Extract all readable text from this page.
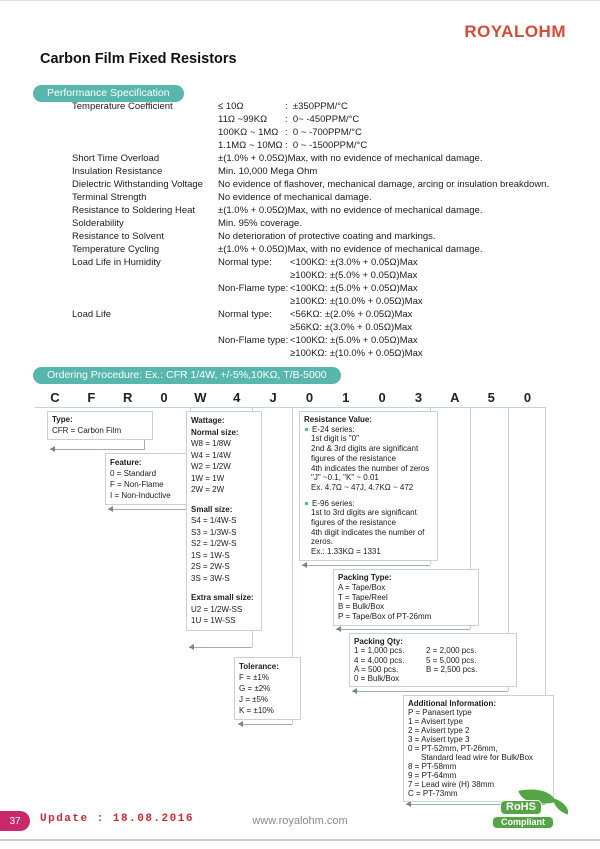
ROYALOHM
Carbon Film Fixed Resistors
Performance Specification
Temperature Coefficient	≤ 10Ω	:  ±350PPM/°C
11Ω ~99KΩ :  0~ -450PPM/°C
100KΩ ~ 1MΩ :  0 ~ -700PPM/°C
1.1MΩ ~ 10MΩ :  0 ~ -1500PPM/°C
Short Time Overload	±(1.0% + 0.05Ω)Max, with no evidence of mechanical damage.
Insulation Resistance	Min. 10,000 Mega Ohm
Dielectric Withstanding Voltage	No evidence of flashover, mechanical damage, arcing or insulation breakdown.
Terminal Strength	No evidence of mechanical damage.
Resistance to Soldering Heat	±(1.0% + 0.05Ω)Max, with no evidence of mechanical damage.
Solderability	Min. 95% coverage.
Resistance to Solvent	No deterioration of protective coating and markings.
Temperature Cycling	±(1.0% + 0.05Ω)Max, with no evidence of mechanical damage.
Load Life in Humidity	Normal type: <100KΩ: ±(3.0% + 0.05Ω)Max
≥100KΩ: ±(5.0% + 0.05Ω)Max
Non-Flame type: <100KΩ: ±(5.0% + 0.05Ω)Max
≥100KΩ: ±(10.0% + 0.05Ω)Max
Load Life	Normal type: <56KΩ: ±(2.0% + 0.05Ω)Max
≥56KΩ: ±(3.0% + 0.05Ω)Max
Non-Flame type: <100KΩ: ±(5.0% + 0.05Ω)Max
≥100KΩ: ±(10.0% + 0.05Ω)Max
Ordering Procedure: Ex.: CFR 1/4W, +/-5%,10KΩ, T/B-5000
C F R 0 W 4 J 0 1 0 3 A 5 0
Type:
CFR = Carbon Film
Feature:
0 = Standard
F = Non-Flame
I = Non-Inductive
Wattage:
Normal size:
W8 = 1/8W
W4 = 1/4W
W2 = 1/2W
1W = 1W
2W = 2W

Small size:
S4 = 1/4W-S
S3 = 1/3W-S
S2 = 1/2W-S
1S = 1W-S
2S = 2W-S
3S = 3W-S

Extra small size:
U2 = 1/2W-SS
1U = 1W-SS
Tolerance:
F = ±1%
G = ±2%
J = ±5%
K = ±10%
Resistance Value:
E-24 series:
1st digit is "0"
2nd & 3rd digits are significant
figures of the resistance
4th indicates the number of zeros
"J" ~0.1, "K" ~ 0.01
Ex. 4.7Ω ~ 47J, 4.7KΩ ~ 472

E-96 series:
1st to 3rd digits are significant
figures of the resistance
4th digit indicates the number of
zeros.
Ex.: 1.33KΩ = 1331
Packing Type:
A = Tape/Box
T = Tape/Reel
B = Bulk/Box
P = Tape/Box of PT-26mm
Packing Qty:
1 = 1,000 pcs.	2 = 2,000 pcs.
4 = 4,000 pcs.	5 = 5,000 pcs.
A = 500 pcs.	B = 2,500 pcs.
0 = Bulk/Box
Additional Information:
P = Panasert type
1 = Avisert type
2 = Avisert type 2
3 = Avisert type 3
0 = PT-52mm, PT-26mm,
Standard lead wire for Bulk/Box
8 = PT-58mm
9 = PT-64mm
7 = Lead wire (H) 38mm
C = PT-73mm
37	Update : 18.08.2016	www.royalohm.com
RoHS
Compliant
